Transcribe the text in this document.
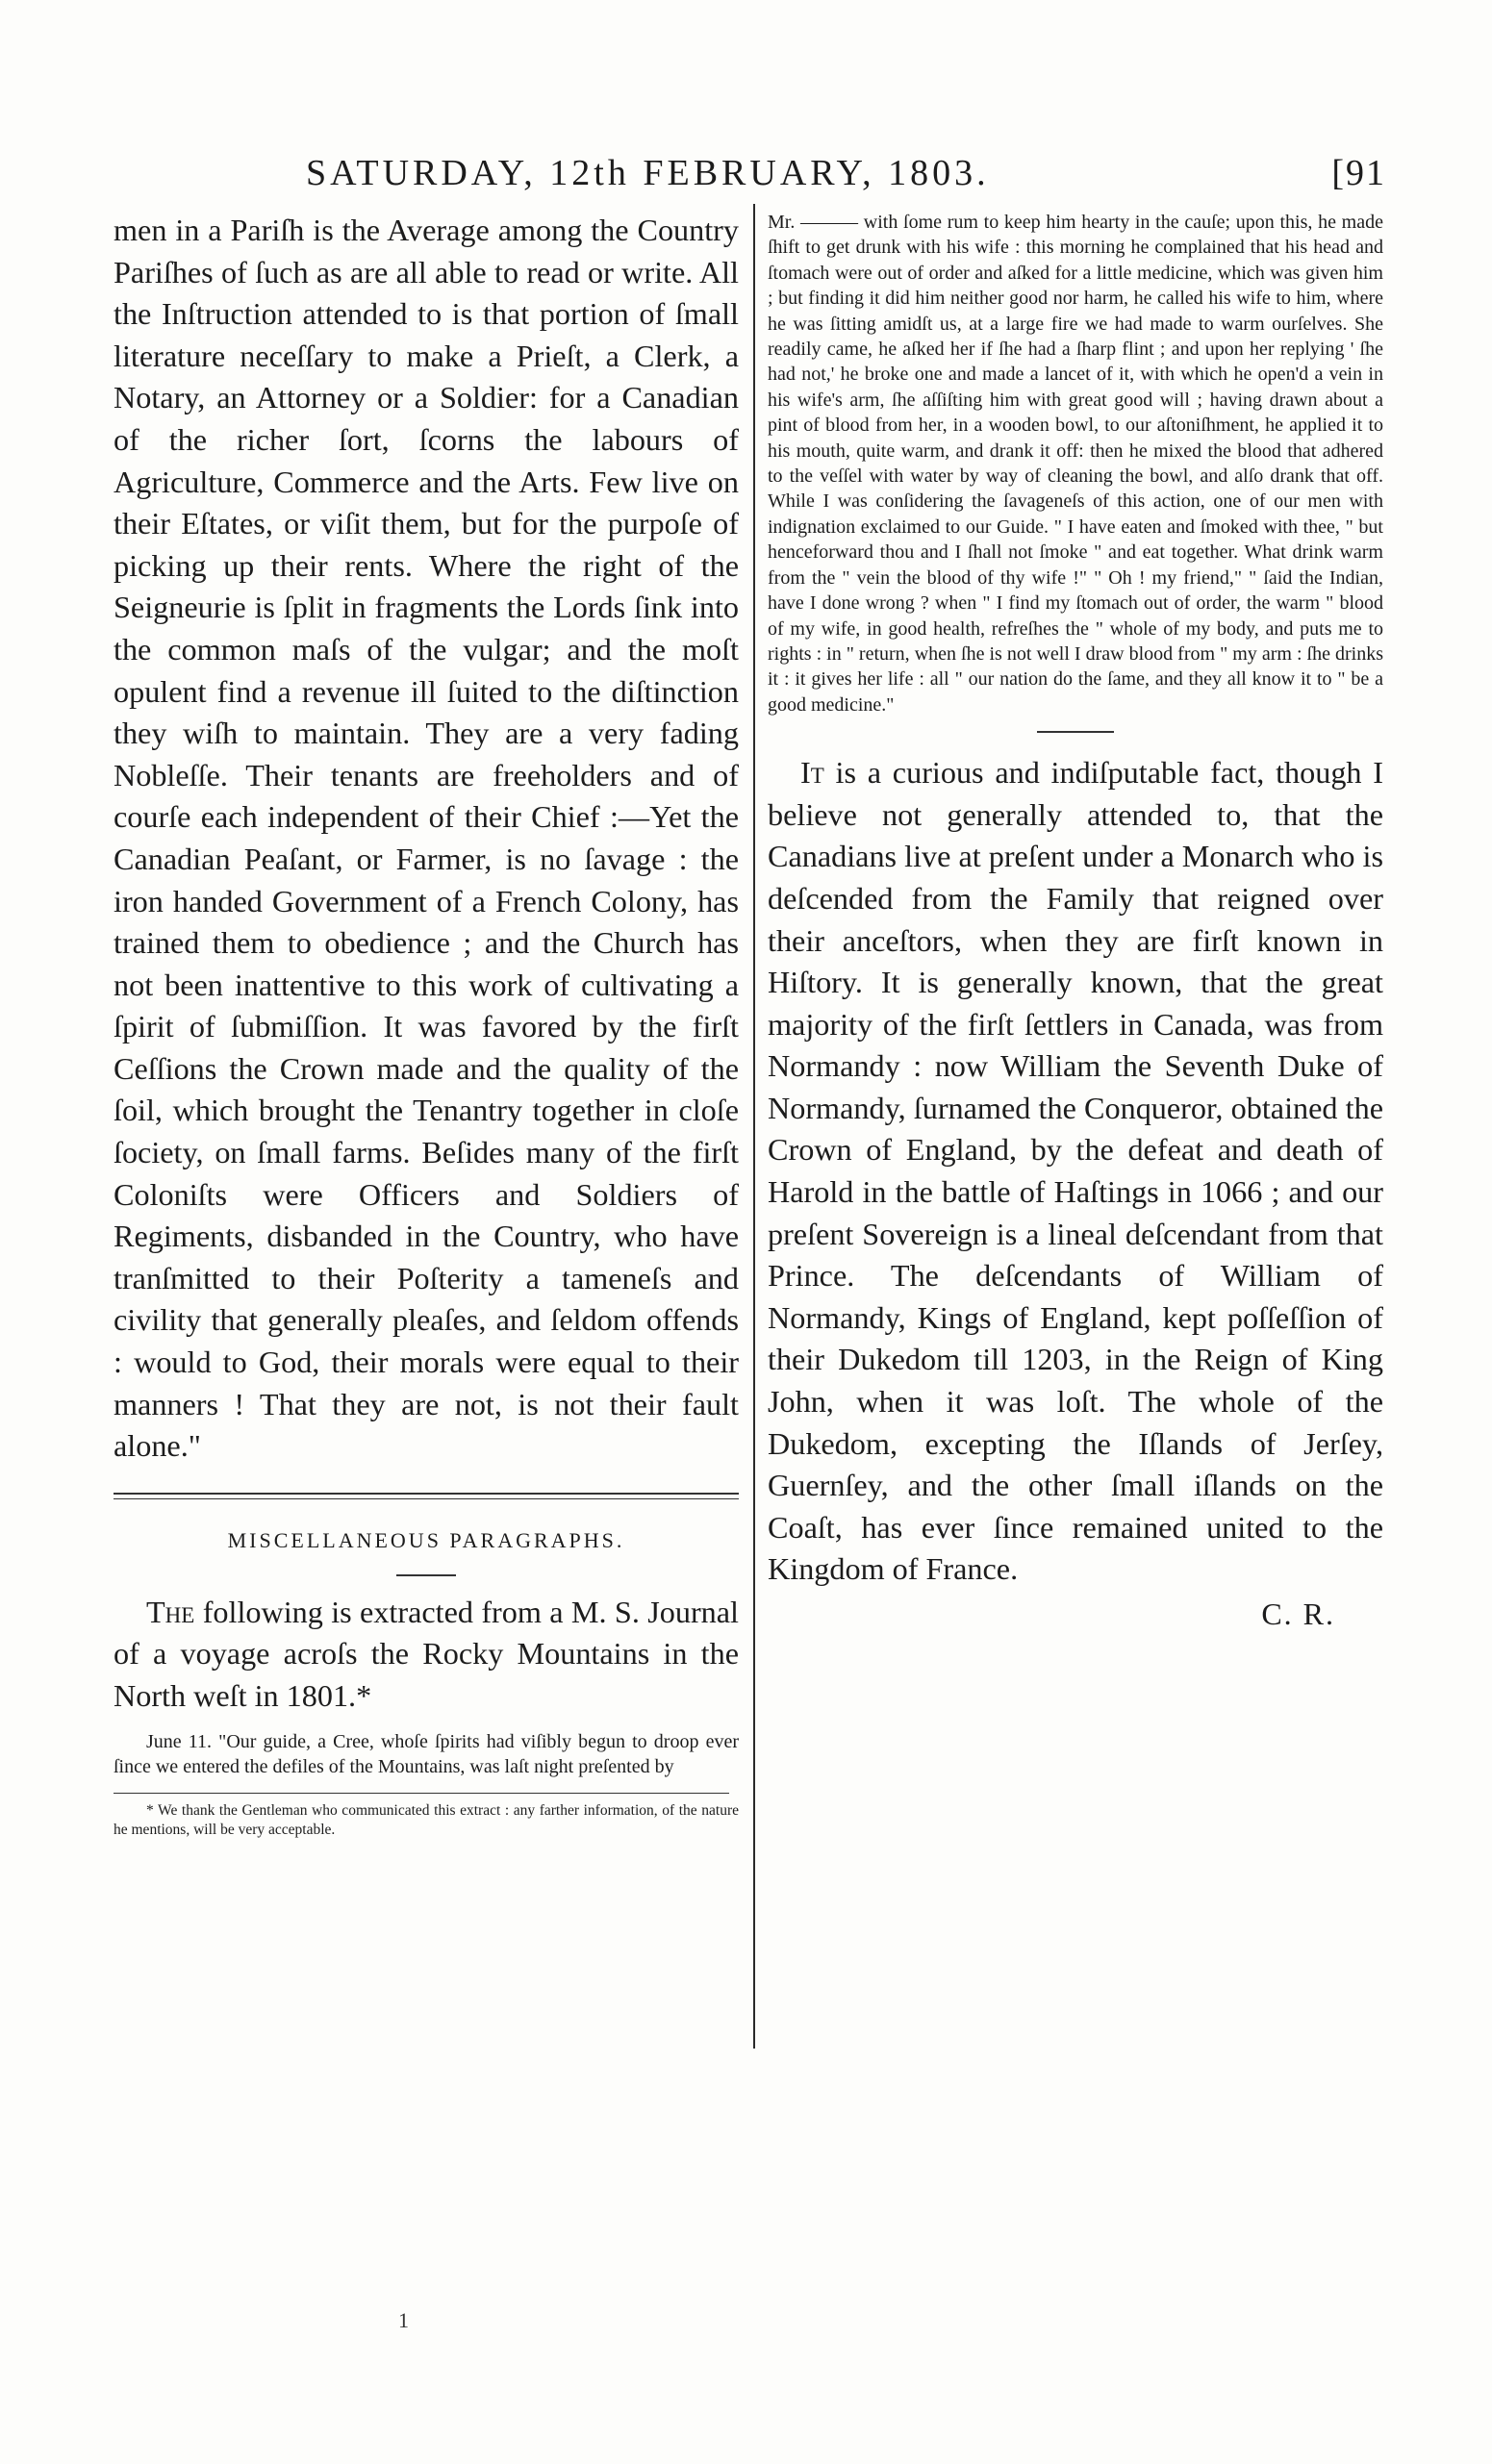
SATURDAY, 12th FEBRUARY, 1803.	[91

men in a Pariſh is the Average among the Country Pariſhes of ſuch as are all able to read or write. All the Inſtruction attended to is that portion of ſmall literature neceſſary to make a Prieſt, a Clerk, a Notary, an Attorney or a Soldier: for a Canadian of the richer ſort, ſcorns the labours of Agriculture, Commerce and the Arts. Few live on their Eſtates, or viſit them, but for the purpoſe of picking up their rents. Where the right of the Seigneurie is ſplit in fragments the Lords ſink into the common maſs of the vulgar; and the moſt opulent find a revenue ill ſuited to the diſtinction they wiſh to maintain. They are a very fading Nobleſſe. Their tenants are freeholders and of courſe each independent of their Chief :—Yet the Canadian Peaſant, or Farmer, is no ſavage : the iron handed Government of a French Colony, has trained them to obedience ; and the Church has not been inattentive to this work of cultivating a ſpirit of ſubmiſſion. It was favored by the firſt Ceſſions the Crown made and the quality of the ſoil, which brought the Tenantry together in cloſe ſociety, on ſmall farms. Beſides many of the firſt Coloniſts were Officers and Soldiers of Regiments, disbanded in the Country, who have tranſmitted to their Poſterity a tameneſs and civility that generally pleaſes, and ſeldom offends : would to God, their morals were equal to their manners ! That they are not, is not their fault alone."

MISCELLANEOUS PARAGRAPHS.

The following is extracted from a M. S. Journal of a voyage acroſs the Rocky Mountains in the North weſt in 1801.*

June 11. "Our guide, a Cree, whoſe ſpirits had viſibly begun to droop ever ſince we entered the defiles of the Mountains, was laſt night preſented by

* We thank the Gentleman who communicated this extract : any farther information, of the nature he mentions, will be very acceptable.

Mr. ——— with ſome rum to keep him hearty in the cauſe; upon this, he made ſhift to get drunk with his wife : this morning he complained that his head and ſtomach were out of order and aſked for a little medicine, which was given him ; but finding it did him neither good nor harm, he called his wife to him, where he was ſitting amidſt us, at a large fire we had made to warm ourſelves. She readily came, he aſked her if ſhe had a ſharp flint ; and upon her replying ' ſhe had not,' he broke one and made a lancet of it, with which he open'd a vein in his wife's arm, ſhe aſſiſting him with great good will ; having drawn about a pint of blood from her, in a wooden bowl, to our aſtoniſhment, he applied it to his mouth, quite warm, and drank it off: then he mixed the blood that adhered to the veſſel with water by way of cleaning the bowl, and alſo drank that off. While I was conſidering the ſavageneſs of this action, one of our men with indignation exclaimed to our Guide. " I have eaten and ſmoked with thee, " but henceforward thou and I ſhall not ſmoke " and eat together. What drink warm from the " vein the blood of thy wife !" " Oh ! my friend," " ſaid the Indian, have I done wrong ? when " I find my ſtomach out of order, the warm " blood of my wife, in good health, refreſhes the " whole of my body, and puts me to rights : in " return, when ſhe is not well I draw blood from " my arm : ſhe drinks it : it gives her life : all " our nation do the ſame, and they all know it to " be a good medicine."

It is a curious and indiſputable fact, though I believe not generally attended to, that the Canadians live at preſent under a Monarch who is deſcended from the Family that reigned over their anceſtors, when they are firſt known in Hiſtory. It is generally known, that the great majority of the firſt ſettlers in Canada, was from Normandy : now William the Seventh Duke of Normandy, ſurnamed the Conqueror, obtained the Crown of England, by the defeat and death of Harold in the battle of Haſtings in 1066 ; and our preſent Sovereign is a lineal deſcendant from that Prince. The deſcendants of William of Normandy, Kings of England, kept poſſeſſion of their Dukedom till 1203, in the Reign of King John, when it was loſt. The whole of the Dukedom, excepting the Iſlands of Jerſey, Guernſey, and the other ſmall iſlands on the Coaſt, has ever ſince remained united to the Kingdom of France.

C. R.
1
